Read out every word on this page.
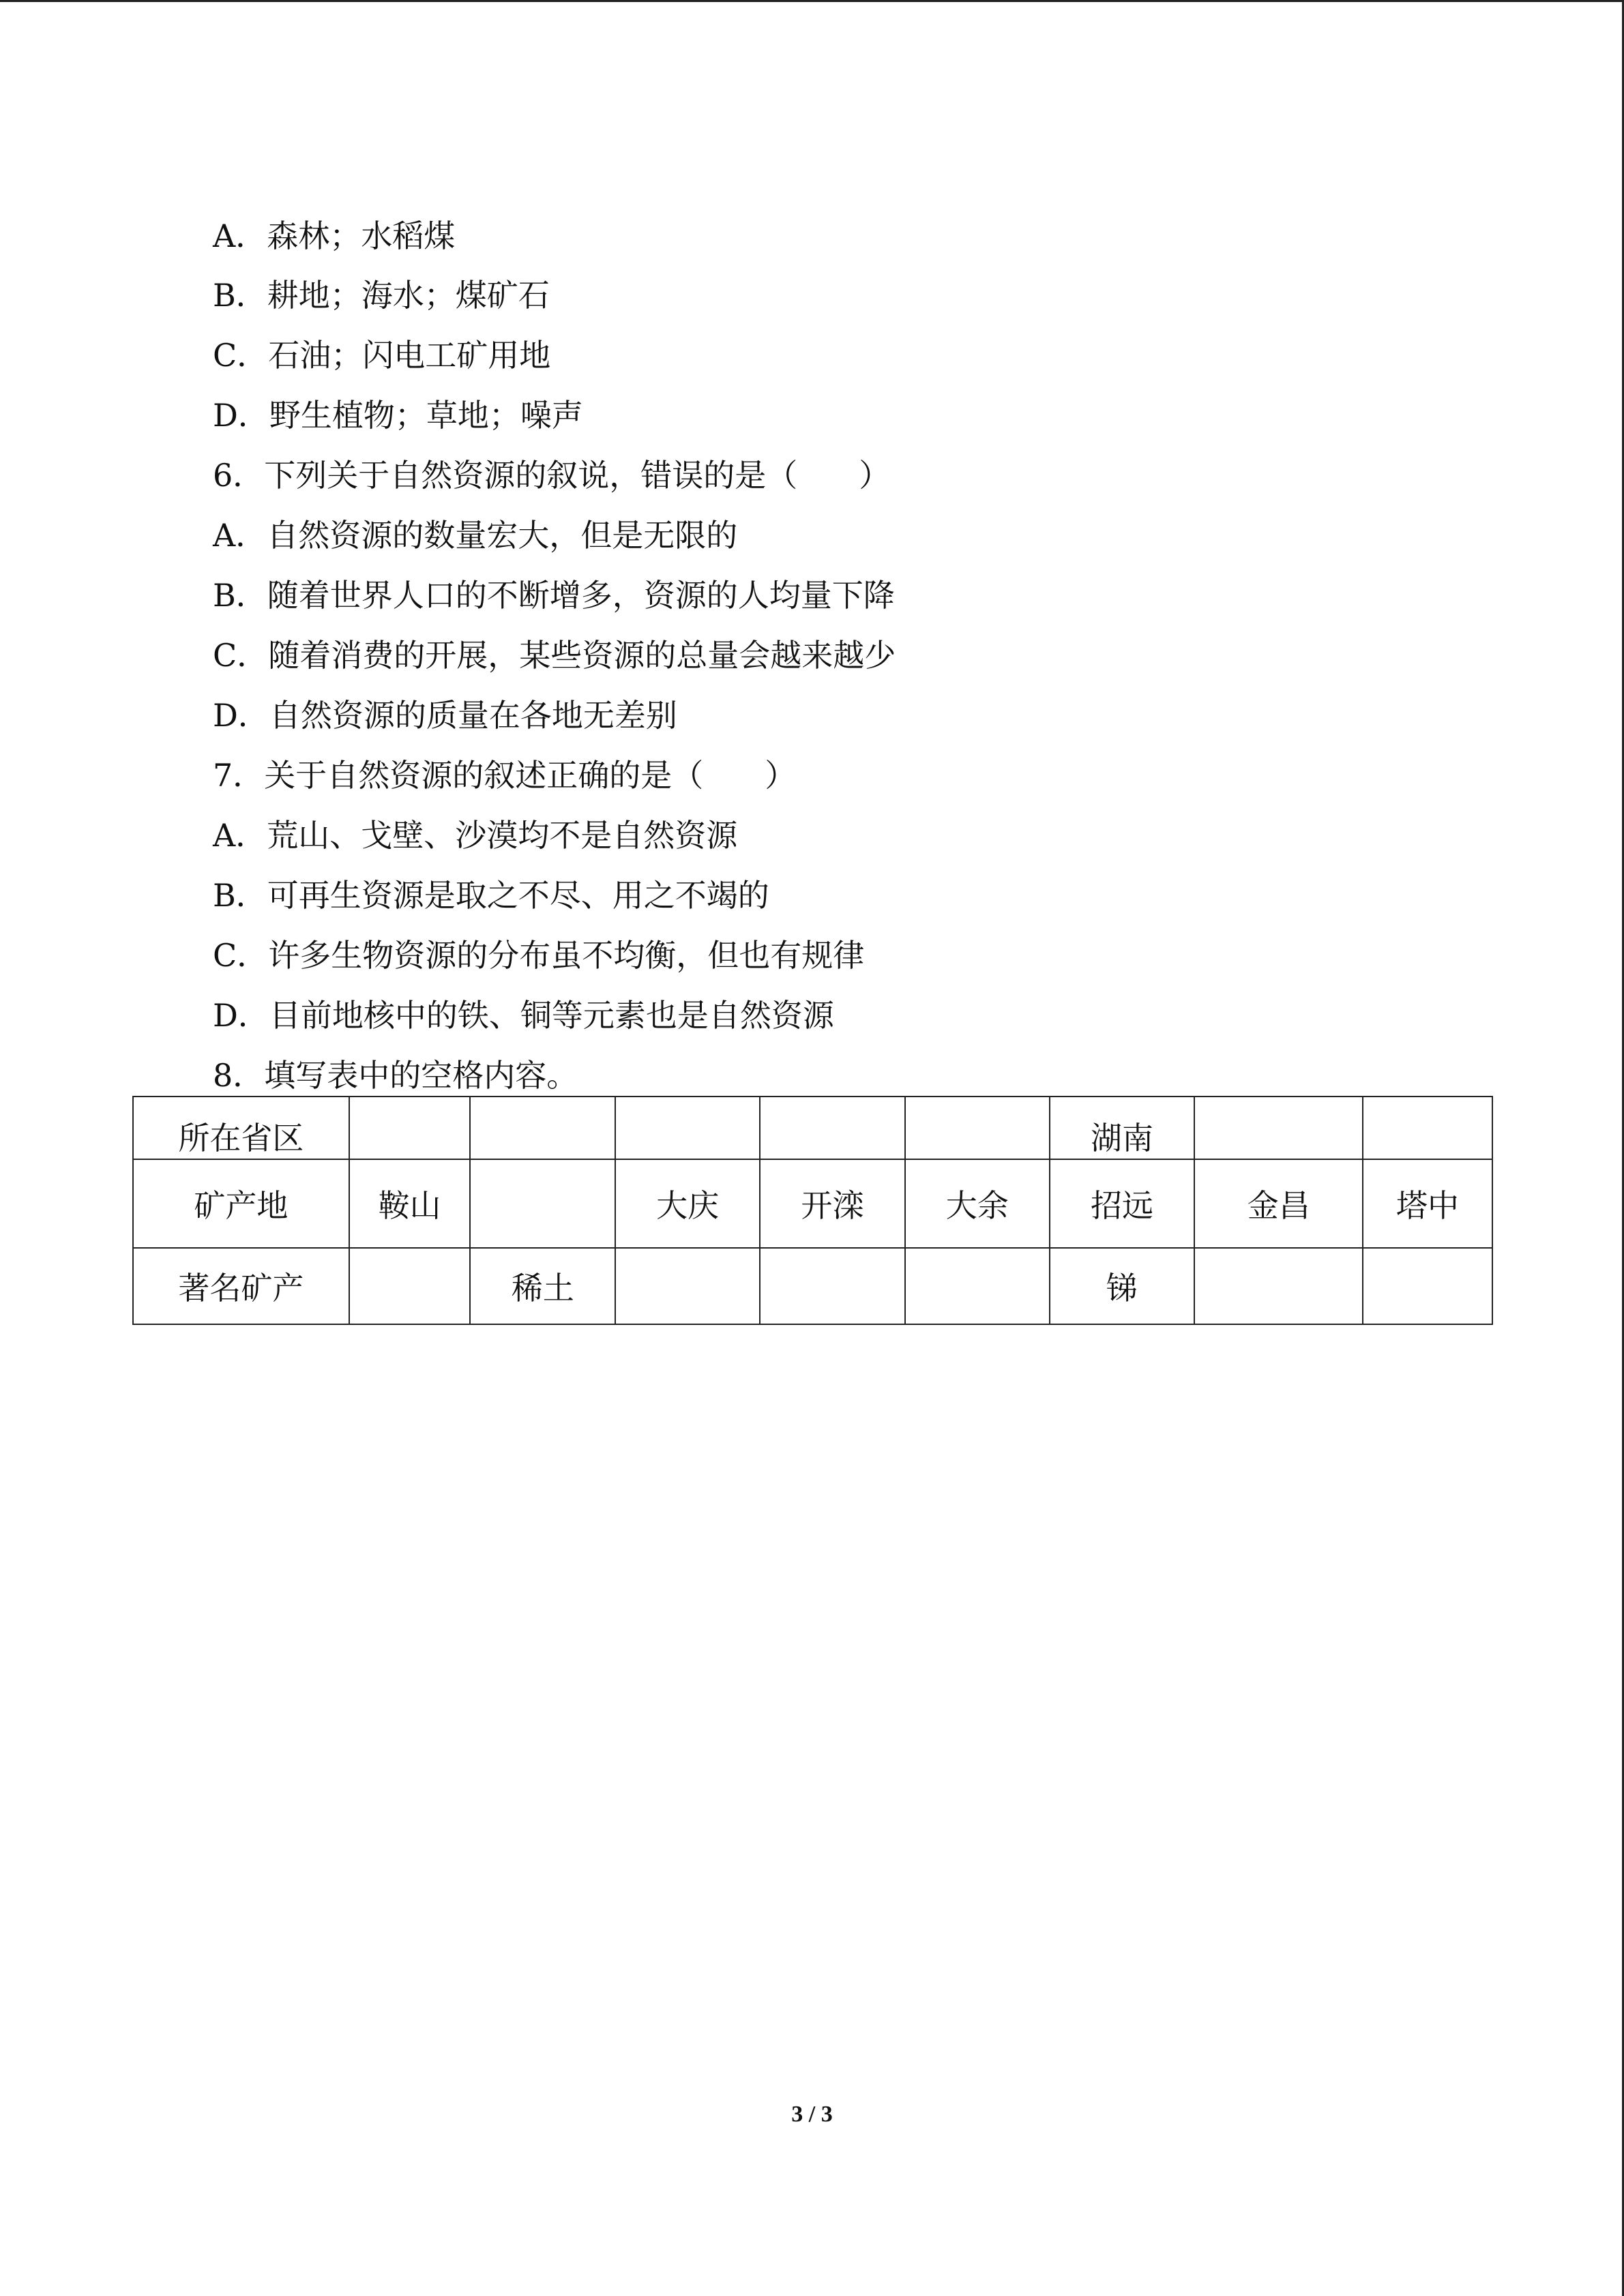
A．森林；水稻煤
B．耕地；海水；煤矿石
C．石油；闪电工矿用地
D．野生植物；草地；噪声
6．下列关于自然资源的叙说，错误的是（ ）
A．自然资源的数量宏大，但是无限的
B．随着世界人口的不断增多，资源的人均量下降
C．随着消费的开展，某些资源的总量会越来越少
D．自然资源的质量在各地无差别
7．关于自然资源的叙述正确的是（ ）
A．荒山、戈壁、沙漠均不是自然资源
B．可再生资源是取之不尽、用之不竭的
C．许多生物资源的分布虽不均衡，但也有规律
D．目前地核中的铁、铜等元素也是自然资源
8．填写表中的空格内容。
所在省区						湖南		
矿产地	鞍山		大庆	开滦	大余	招远	金昌	塔中
著名矿产		稀土				锑		
3 / 3
